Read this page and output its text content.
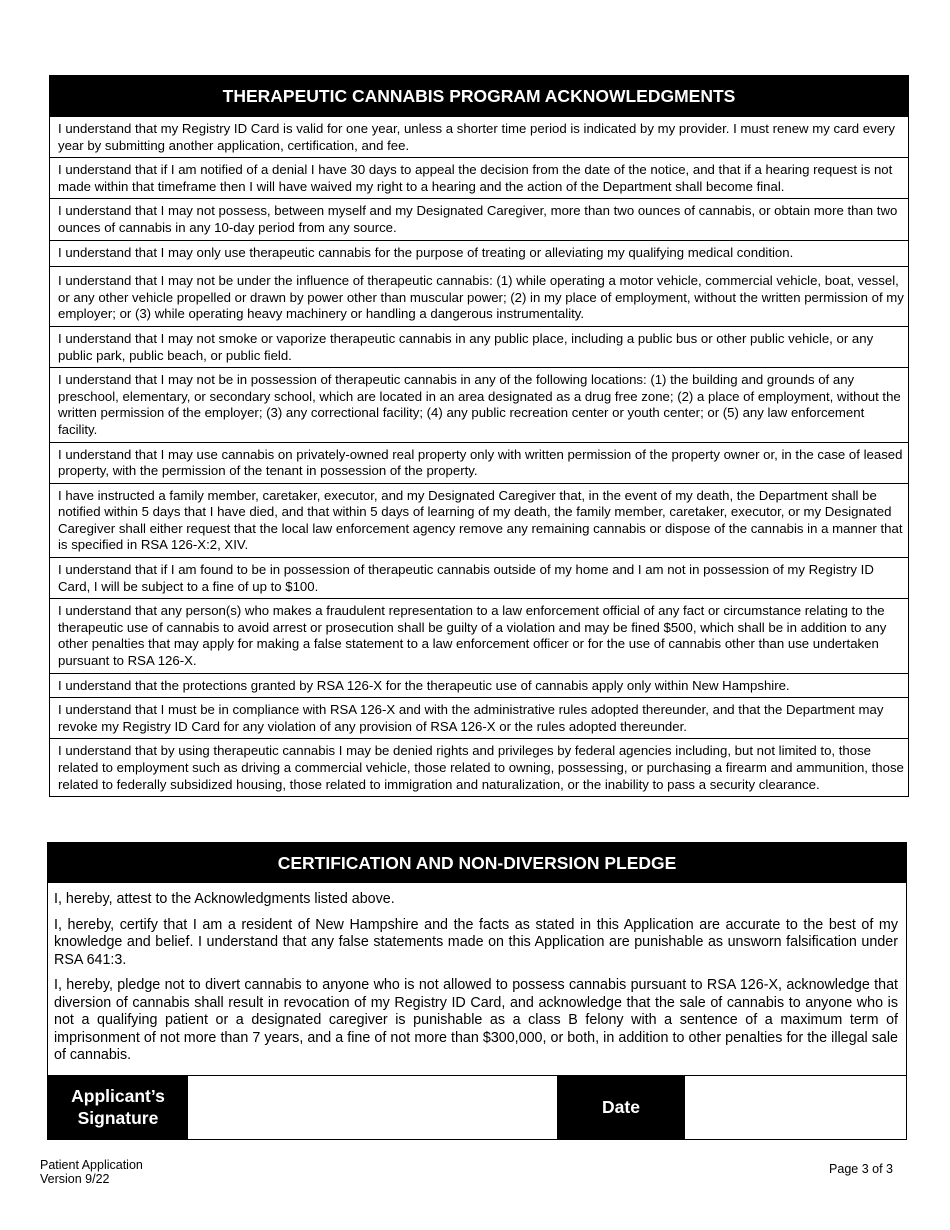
THERAPEUTIC CANNABIS PROGRAM ACKNOWLEDGMENTS
I understand that my Registry ID Card is valid for one year, unless a shorter time period is indicated by my provider. I must renew my card every year by submitting another application, certification, and fee.
I understand that if I am notified of a denial I have 30 days to appeal the decision from the date of the notice, and that if a hearing request is not made within that timeframe then I will have waived my right to a hearing and the action of the Department shall become final.
I understand that I may not possess, between myself and my Designated Caregiver, more than two ounces of cannabis, or obtain more than two ounces of cannabis in any 10-day period from any source.
I understand that I may only use therapeutic cannabis for the purpose of treating or alleviating my qualifying medical condition.
I understand that I may not be under the influence of therapeutic cannabis: (1) while operating a motor vehicle, commercial vehicle, boat, vessel, or any other vehicle propelled or drawn by power other than muscular power; (2) in my place of employment, without the written permission of my employer; or (3) while operating heavy machinery or handling a dangerous instrumentality.
I understand that I may not smoke or vaporize therapeutic cannabis in any public place, including a public bus or other public vehicle, or any public park, public beach, or public field.
I understand that I may not be in possession of therapeutic cannabis in any of the following locations: (1) the building and grounds of any preschool, elementary, or secondary school, which are located in an area designated as a drug free zone; (2) a place of employment, without the written permission of the employer; (3) any correctional facility; (4) any public recreation center or youth center; or (5) any law enforcement facility.
I understand that I may use cannabis on privately-owned real property only with written permission of the property owner or, in the case of leased property, with the permission of the tenant in possession of the property.
I have instructed a family member, caretaker, executor, and my Designated Caregiver that, in the event of my death, the Department shall be notified within 5 days that I have died, and that within 5 days of learning of my death, the family member, caretaker, executor, or my Designated Caregiver shall either request that the local law enforcement agency remove any remaining cannabis or dispose of the cannabis in a manner that is specified in RSA 126-X:2, XIV.
I understand that if I am found to be in possession of therapeutic cannabis outside of my home and I am not in possession of my Registry ID Card, I will be subject to a fine of up to $100.
I understand that any person(s) who makes a fraudulent representation to a law enforcement official of any fact or circumstance relating to the therapeutic use of cannabis to avoid arrest or prosecution shall be guilty of a violation and may be fined $500, which shall be in addition to any other penalties that may apply for making a false statement to a law enforcement officer or for the use of cannabis other than use undertaken pursuant to RSA 126-X.
I understand that the protections granted by RSA 126-X for the therapeutic use of cannabis apply only within New Hampshire.
I understand that I must be in compliance with RSA 126-X and with the administrative rules adopted thereunder, and that the Department may revoke my Registry ID Card for any violation of any provision of RSA 126-X or the rules adopted thereunder.
I understand that by using therapeutic cannabis I may be denied rights and privileges by federal agencies including, but not limited to, those related to employment such as driving a commercial vehicle, those related to owning, possessing, or purchasing a firearm and ammunition, those related to federally subsidized housing, those related to immigration and naturalization, or the inability to pass a security clearance.
CERTIFICATION AND NON-DIVERSION PLEDGE

I, hereby, attest to the Acknowledgments listed above.

I, hereby, certify that I am a resident of New Hampshire and the facts as stated in this Application are accurate to the best of my knowledge and belief. I understand that any false statements made on this Application are punishable as unsworn falsification under RSA 641:3.

I, hereby, pledge not to divert cannabis to anyone who is not allowed to possess cannabis pursuant to RSA 126-X, acknowledge that diversion of cannabis shall result in revocation of my Registry ID Card, and acknowledge that the sale of cannabis to anyone who is not a qualifying patient or a designated caregiver is punishable as a class B felony with a sentence of a maximum term of imprisonment of not more than 7 years, and a fine of not more than $300,000, or both, in addition to other penalties for the illegal sale of cannabis.

Applicant’s
Signature
Date
Patient Application
Version 9/22
Page 3 of 3
